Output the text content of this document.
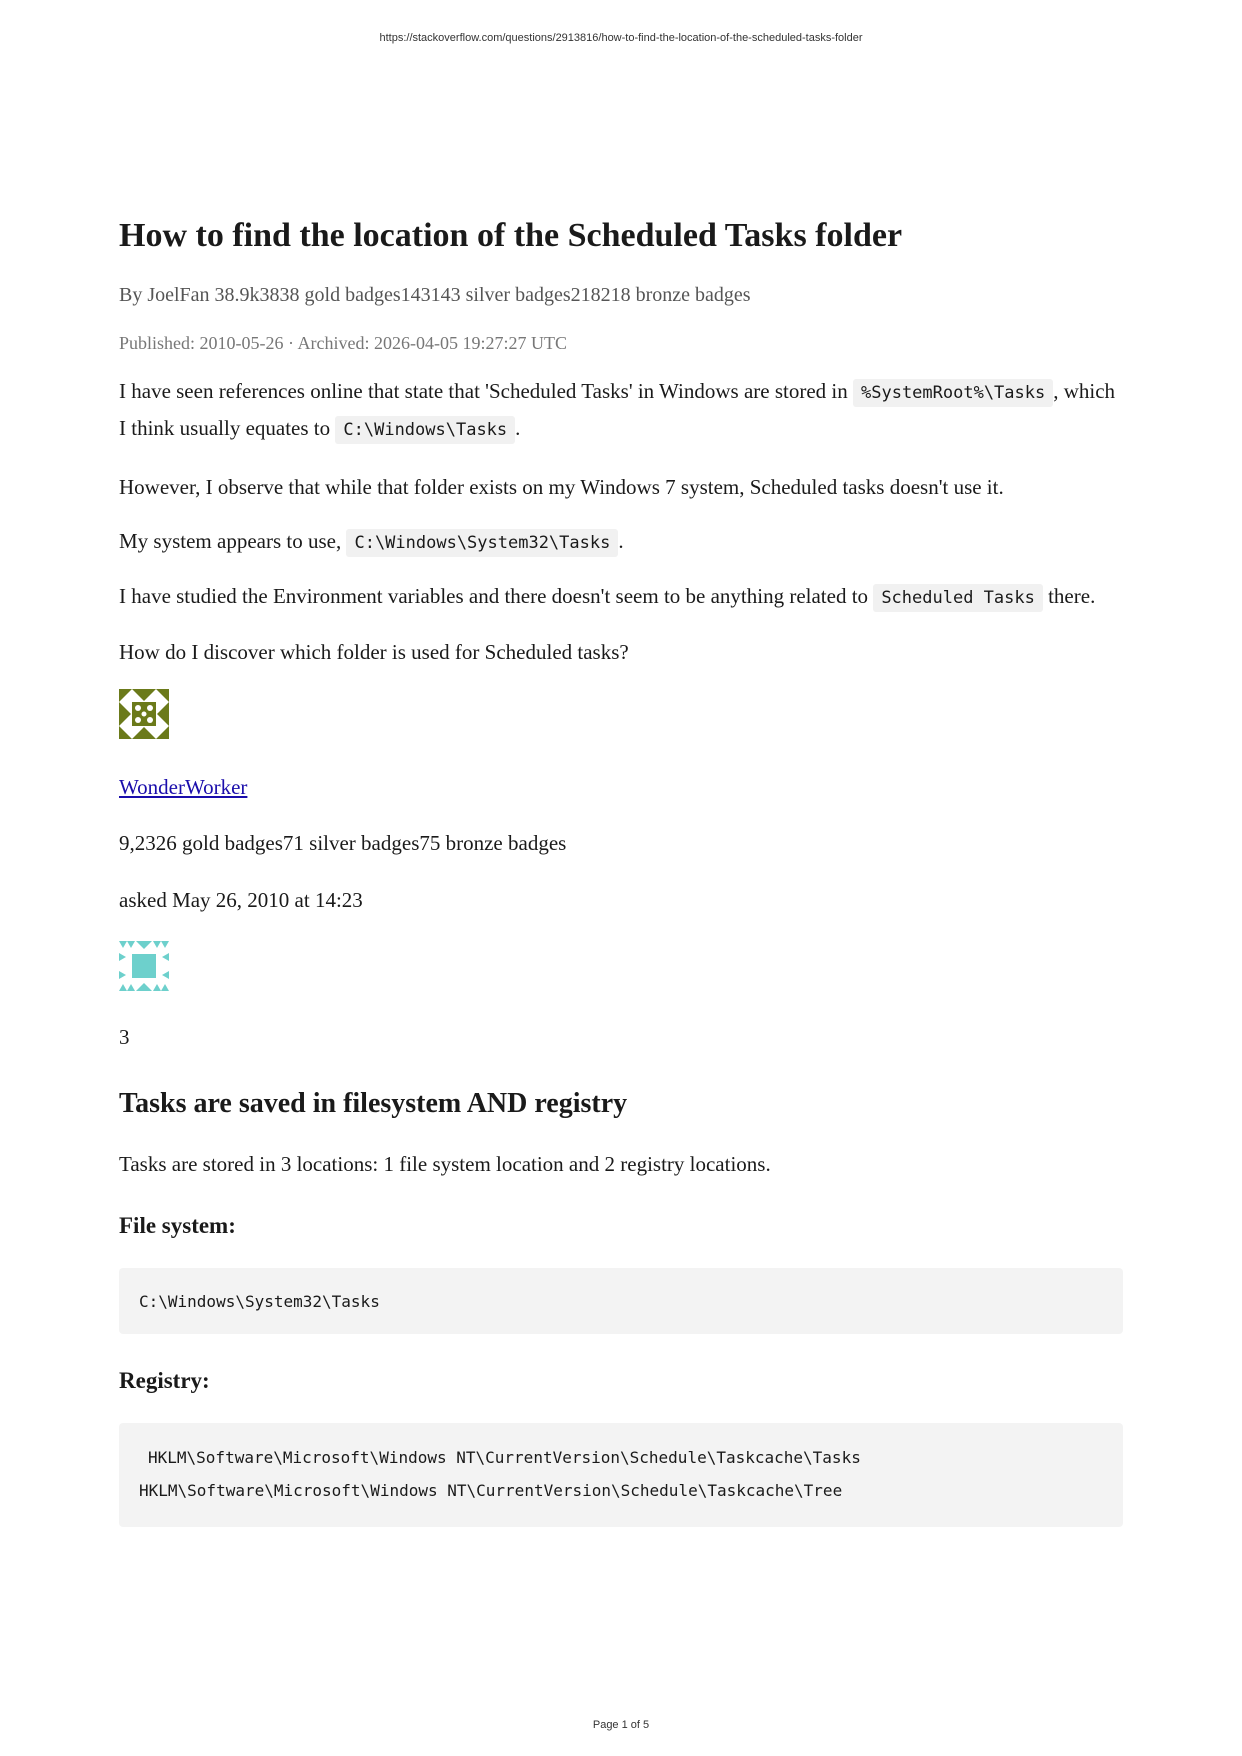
https://stackoverflow.com/questions/2913816/how-to-find-the-location-of-the-scheduled-tasks-folder

How to find the location of the Scheduled Tasks folder
By JoelFan 38.9k3838 gold badges143143 silver badges218218 bronze badges
Published: 2010-05-26 · Archived: 2026-04-05 19:27:27 UTC

I have seen references online that state that 'Scheduled Tasks' in Windows are stored in %SystemRoot%\Tasks , which I think usually equates to C:\Windows\Tasks .

However, I observe that while that folder exists on my Windows 7 system, Scheduled tasks doesn't use it.

My system appears to use, C:\Windows\System32\Tasks .

I have studied the Environment variables and there doesn't seem to be anything related to Scheduled Tasks there.

How do I discover which folder is used for Scheduled tasks?

WonderWorker
9,2326 gold badges71 silver badges75 bronze badges
asked May 26, 2010 at 14:23
3
Tasks are saved in filesystem AND registry
Tasks are stored in 3 locations: 1 file system location and 2 registry locations.
File system:
C:\Windows\System32\Tasks
Registry:
HKLM\Software\Microsoft\Windows NT\CurrentVersion\Schedule\Taskcache\Tasks
HKLM\Software\Microsoft\Windows NT\CurrentVersion\Schedule\Taskcache\Tree

Page 1 of 5
